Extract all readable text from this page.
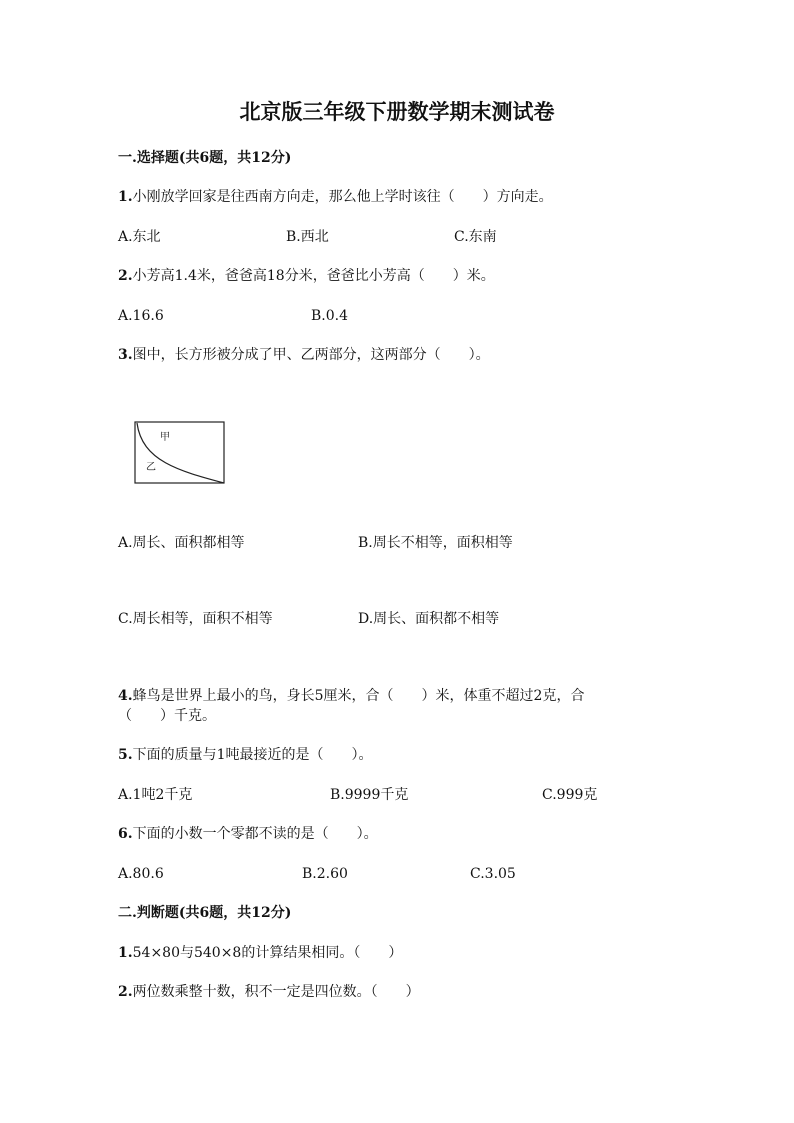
北京版三年级下册数学期末测试卷
一.选择题(共6题，共12分)
1.小刚放学回家是往西南方向走，那么他上学时该往（　　）方向走。
A.东北	B.西北	C.东南
2.小芳高1.4米，爸爸高18分米，爸爸比小芳高（　　）米。
A.16.6	B.0.4
3.图中，长方形被分成了甲、乙两部分，这两部分（　　）。
甲
乙
A.周长、面积都相等	B.周长不相等，面积相等
C.周长相等，面积不相等	D.周长、面积都不相等
4.蜂鸟是世界上最小的鸟，身长5厘米，合（　　）米，体重不超过2克，合
（　　）千克。
5.下面的质量与1吨最接近的是（　　）。
A.1吨2千克	B.9999千克	C.999克
6.下面的小数一个零都不读的是（　　）。
A.80.6	B.2.60	C.3.05
二.判断题(共6题，共12分)
1.54×80与540×8的计算结果相同。（　　）
2.两位数乘整十数，积不一定是四位数。（　　）
